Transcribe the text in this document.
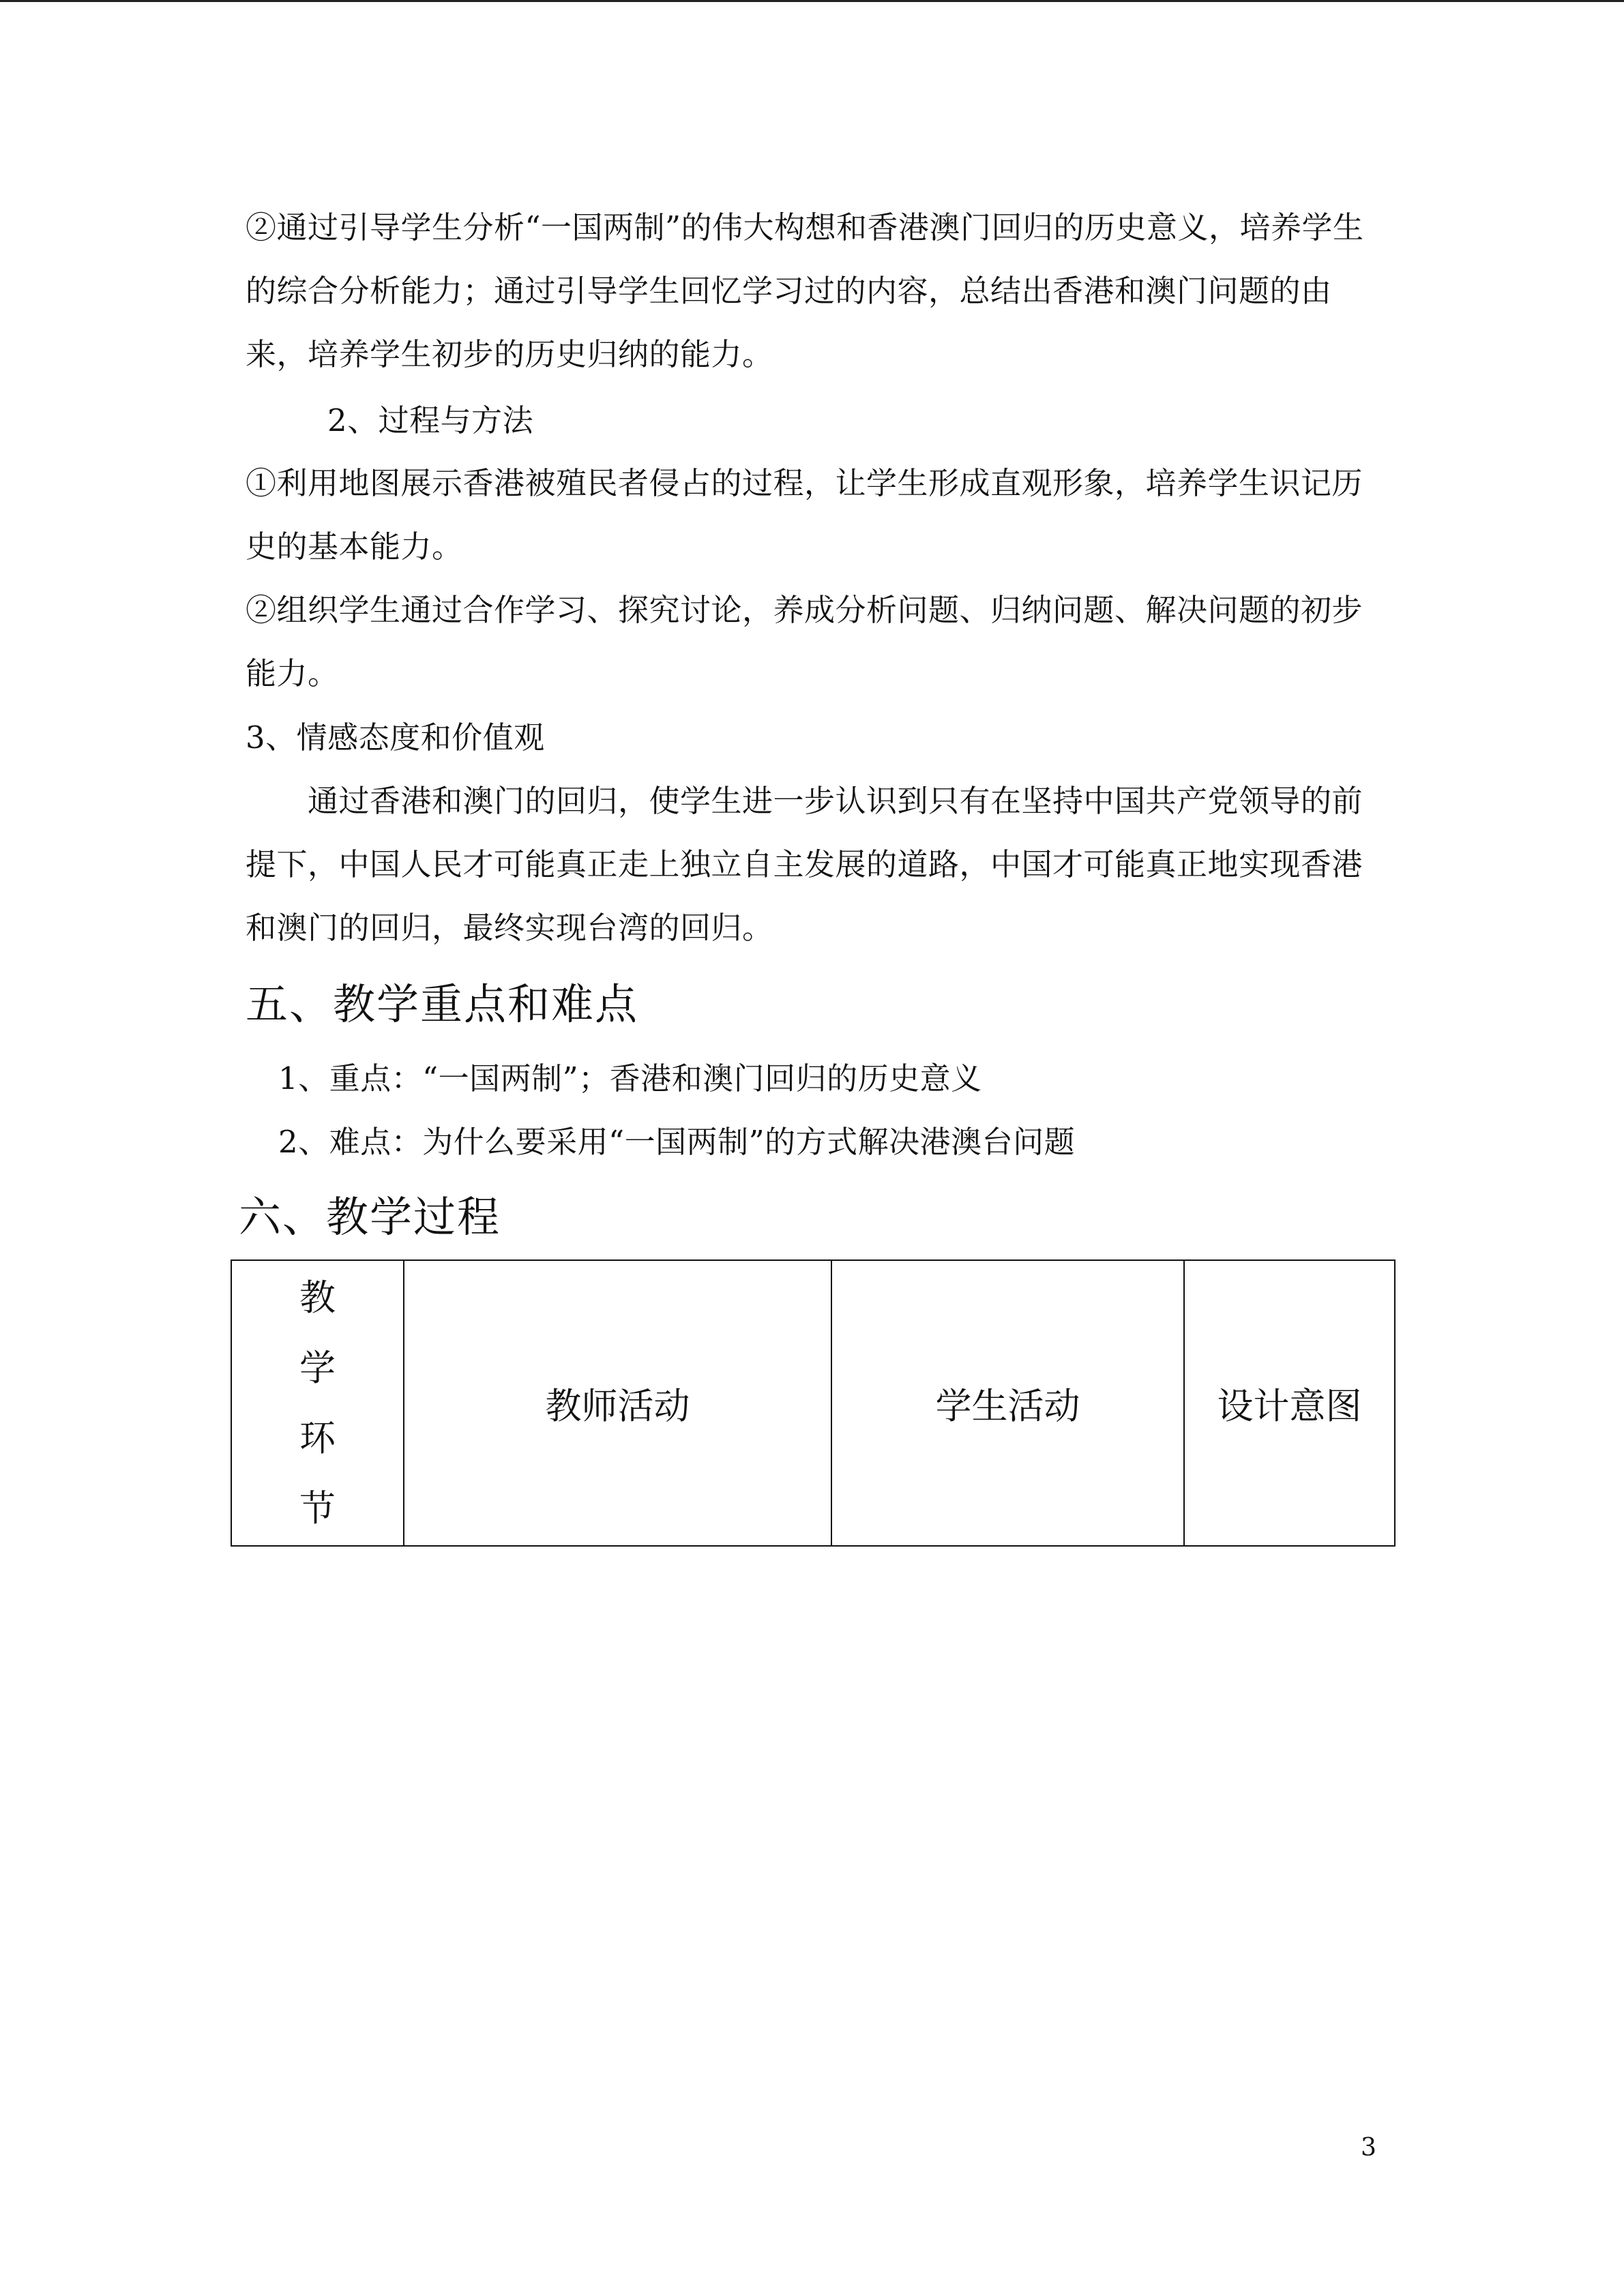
②通过引导学生分析“一国两制”的伟大构想和香港澳门回归的历史意义，培养学生的综合分析能力；通过引导学生回忆学习过的内容，总结出香港和澳门问题的由来，培养学生初步的历史归纳的能力。
2、过程与方法
①利用地图展示香港被殖民者侵占的过程，让学生形成直观形象，培养学生识记历史的基本能力。
②组织学生通过合作学习、探究讨论，养成分析问题、归纳问题、解决问题的初步能力。
3、情感态度和价值观
　　通过香港和澳门的回归，使学生进一步认识到只有在坚持中国共产党领导的前提下，中国人民才可能真正走上独立自主发展的道路，中国才可能真正地实现香港和澳门的回归，最终实现台湾的回归。
五、教学重点和难点
1、重点：“一国两制”；香港和澳门回归的历史意义
2、难点：为什么要采用“一国两制”的方式解决港澳台问题
六、教学过程
教学环节	教师活动	学生活动	设计意图
3
